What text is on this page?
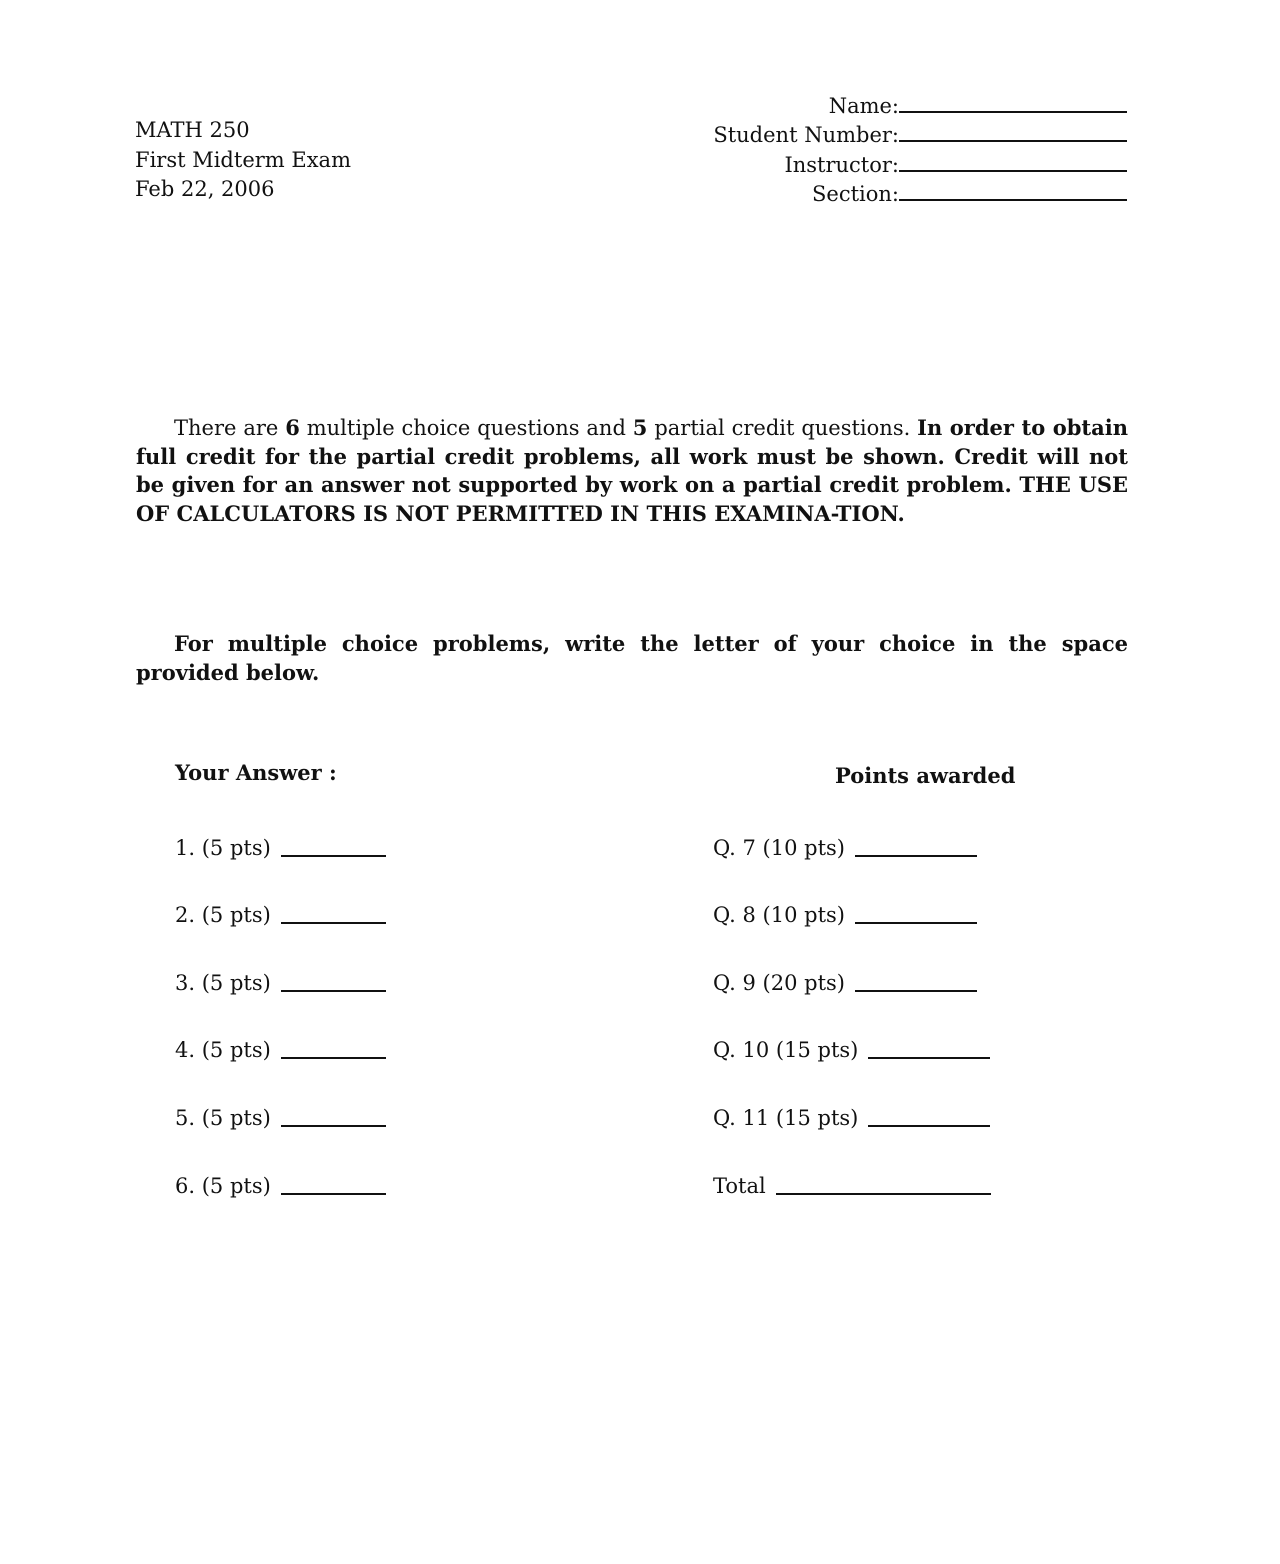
MATH 250
First Midterm Exam
Feb 22, 2006
Name:
Student Number:
Instructor:
Section:

There are 6 multiple choice questions and 5 partial credit questions. In order to obtain full credit for the partial credit problems, all work must be shown. Credit will not be given for an answer not supported by work on a partial credit problem. THE USE OF CALCULATORS IS NOT PERMITTED IN THIS EXAMINA-TION.

For multiple choice problems, write the letter of your choice in the space provided below.
Your Answer :	Points awarded
1. (5 pts)
2. (5 pts)
3. (5 pts)
4. (5 pts)
5. (5 pts)
6. (5 pts)
Q. 7 (10 pts)
Q. 8 (10 pts)
Q. 9 (20 pts)
Q. 10 (15 pts)
Q. 11 (15 pts)
Total
